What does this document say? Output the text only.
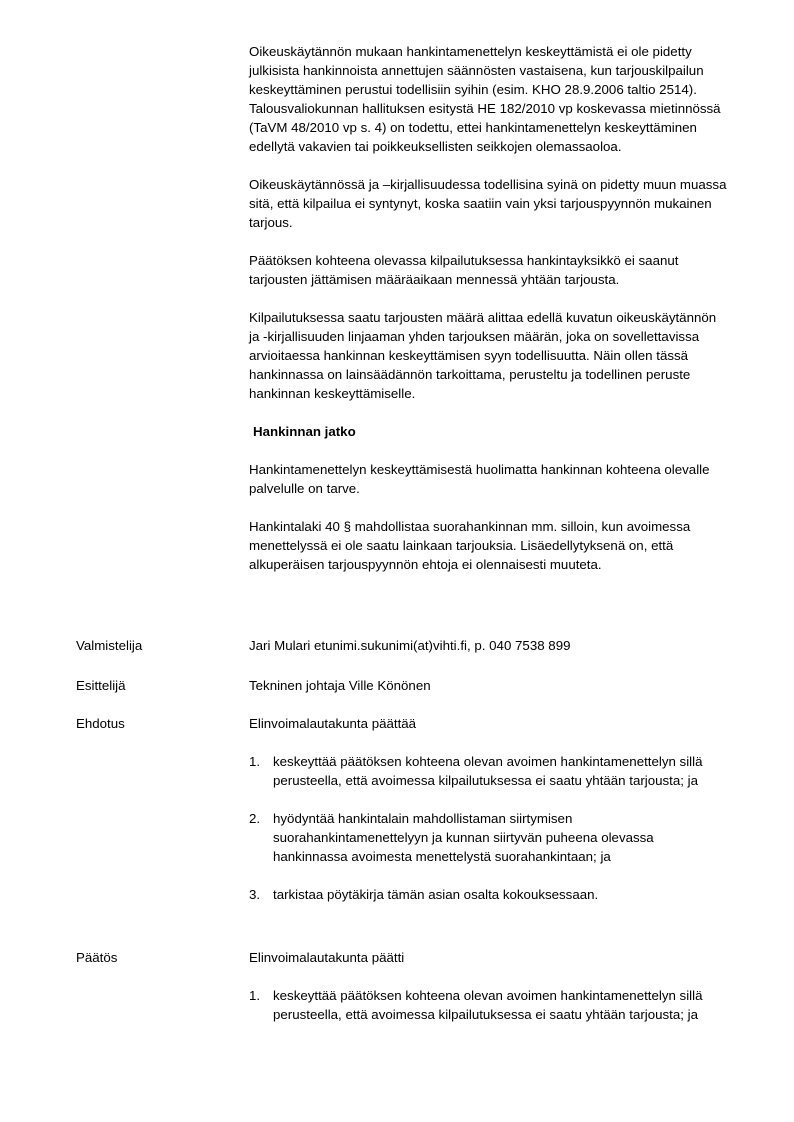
Oikeuskäytännön mukaan hankintamenettelyn keskeyttämistä ei ole pidetty julkisista hankinnoista annettujen säännösten vastaisena, kun tarjouskilpailun keskeyttäminen perustui todellisiin syihin (esim. KHO 28.9.2006 taltio 2514). Talousvaliokunnan hallituksen esitystä HE 182/2010 vp koskevassa mietinnössä (TaVM 48/2010 vp s. 4) on todettu, ettei hankintamenettelyn keskeyttäminen edellytä vakavien tai poikkeuksellisten seikkojen olemassaoloa.

Oikeuskäytännössä ja –kirjallisuudessa todellisina syinä on pidetty muun muassa sitä, että kilpailua ei syntynyt, koska saatiin vain yksi tarjouspyynnön mukainen tarjous.

Päätöksen kohteena olevassa kilpailutuksessa hankintayksikkö ei saanut tarjousten jättämisen määräaikaan mennessä yhtään tarjousta.

Kilpailutuksessa saatu tarjousten määrä alittaa edellä kuvatun oikeuskäytännön ja -kirjallisuuden linjaaman yhden tarjouksen määrän, joka on sovellettavissa arvioitaessa hankinnan keskeyttämisen syyn todellisuutta. Näin ollen tässä hankinnassa on lainsäädännön tarkoittama, perusteltu ja todellinen peruste hankinnan keskeyttämiselle.

Hankinnan jatko

Hankintamenettelyn keskeyttämisestä huolimatta hankinnan kohteena olevalle palvelulle on tarve.

Hankintalaki 40 § mahdollistaa suorahankinnan mm. silloin, kun avoimessa menettelyssä ei ole saatu lainkaan tarjouksia. Lisäedellytyksenä on, että alkuperäisen tarjouspyynnön ehtoja ei olennaisesti muuteta.

Valmistelija	Jari Mulari etunimi.sukunimi(at)vihti.fi, p. 040 7538 899
Esittelijä	Tekninen johtaja Ville Könönen
Ehdotus	Elinvoimalautakunta päättää
1. keskeyttää päätöksen kohteena olevan avoimen hankintamenettelyn sillä perusteella, että avoimessa kilpailutuksessa ei saatu yhtään tarjousta; ja
2. hyödyntää hankintalain mahdollistaman siirtymisen suorahankintamenettelyyn ja kunnan siirtyvän puheena olevassa hankinnassa avoimesta menettelystä suorahankintaan; ja
3. tarkistaa pöytäkirja tämän asian osalta kokouksessaan.
Päätös	Elinvoimalautakunta päätti
1. keskeyttää päätöksen kohteena olevan avoimen hankintamenettelyn sillä perusteella, että avoimessa kilpailutuksessa ei saatu yhtään tarjousta; ja
